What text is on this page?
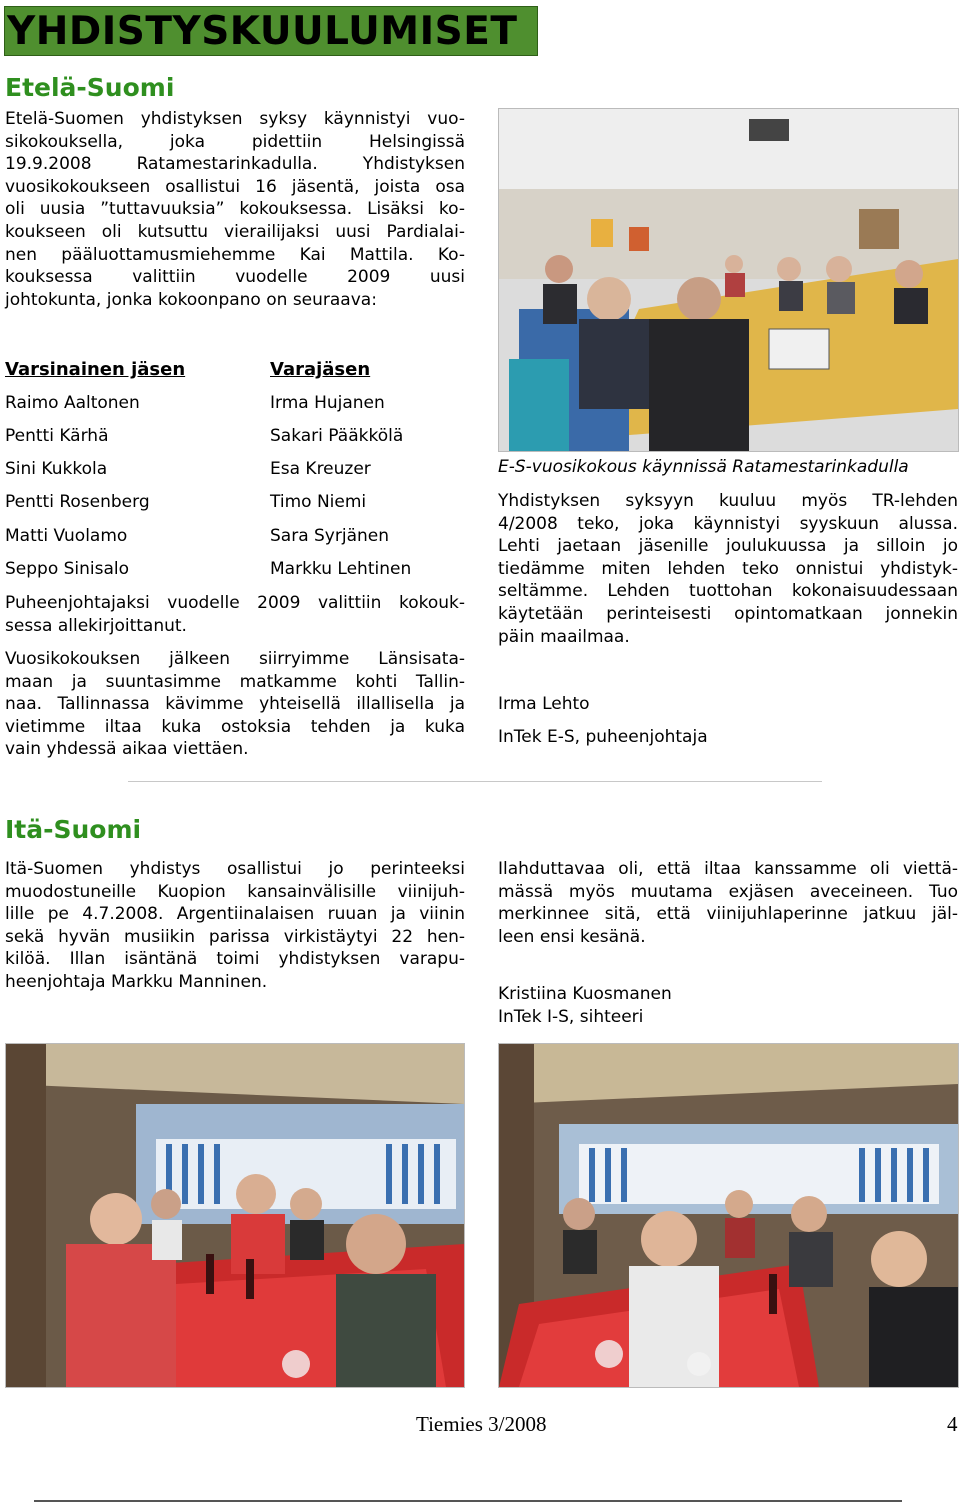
YHDISTYSKUULUMISET
Etelä-Suomi
Etelä-Suomen yhdistyksen syksy käynnistyi vuo-
sikokouksella, joka pidettiin Helsingissä
19.9.2008 Ratamestarinkadulla. Yhdistyksen
vuosikokoukseen osallistui 16 jäsentä, joista osa
oli uusia ”tuttavuuksia” kokouksessa. Lisäksi ko-
koukseen oli kutsuttu vierailijaksi uusi Pardialai-
nen pääluottamusmiehemme Kai Mattila. Ko-
kouksessa valittiin vuodelle 2009 uusi
johtokunta, jonka kokoonpano on seuraava:
Varsinainen jäsen	Varajäsen
Raimo Aaltonen	Irma Hujanen
Pentti Kärhä	Sakari Pääkkölä
Sini Kukkola	Esa Kreuzer
Pentti Rosenberg	Timo Niemi
Matti Vuolamo	Sara Syrjänen
Seppo Sinisalo	Markku Lehtinen
Puheenjohtajaksi vuodelle 2009 valittiin kokouk-
sessa allekirjoittanut.
Vuosikokouksen jälkeen siirryimme Länsisata-
maan ja suuntasimme matkamme kohti Tallin-
naa. Tallinnassa kävimme yhteisellä illallisella ja
vietimme iltaa kuka ostoksia tehden ja kuka
vain yhdessä aikaa viettäen.
E-S-vuosikokous käynnissä Ratamestarinkadulla
Yhdistyksen syksyyn kuuluu myös TR-lehden
4/2008 teko, joka käynnistyi syyskuun alussa.
Lehti jaetaan jäsenille joulukuussa ja silloin jo
tiedämme miten lehden teko onnistui yhdistyk-
seltämme. Lehden tuottohan kokonaisuudessaan
käytetään perinteisesti opintomatkaan jonnekin
päin maailmaa.
Irma Lehto
InTek E-S, puheenjohtaja
Itä-Suomi
Itä-Suomen yhdistys osallistui jo perinteeksi
muodostuneille Kuopion kansainvälisille viinijuh-
lille pe 4.7.2008. Argentiinalaisen ruuan ja viinin
sekä hyvän musiikin parissa virkistäytyi 22 hen-
kilöä. Illan isäntänä toimi yhdistyksen varapu-
heenjohtaja Markku Manninen.
Ilahduttavaa oli, että iltaa kanssamme oli viettä-
mässä myös muutama exjäsen aveceineen. Tuo
merkinnee sitä, että viinijuhlaperinne jatkuu jäl-
leen ensi kesänä.
Kristiina Kuosmanen
InTek I-S, sihteeri
Tiemies 3/2008	4
